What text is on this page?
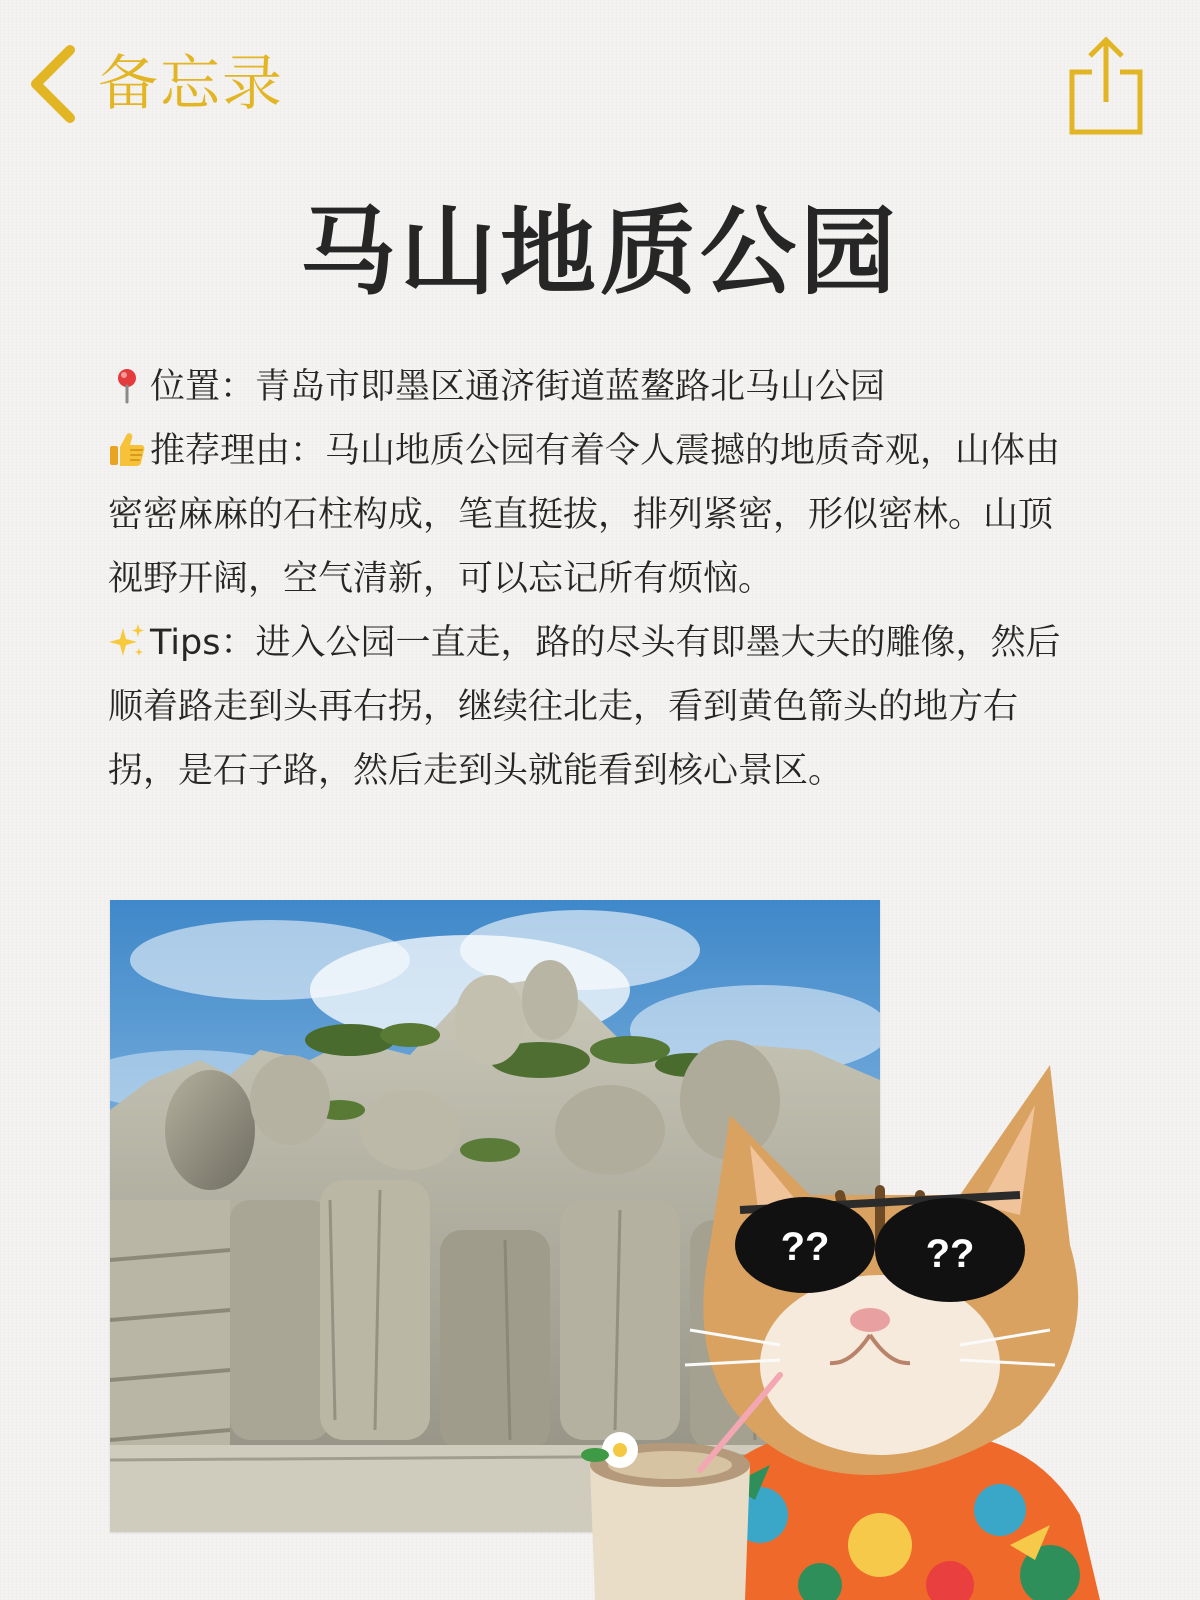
备忘录
马山地质公园

位置：青岛市即墨区通济街道蓝鳌路北马山公园

推荐理由：马山地质公园有着令人震撼的地质奇观，山体由密密麻麻的石柱构成，笔直挺拔，排列紧密，形似密林。山顶视野开阔，空气清新，可以忘记所有烦恼。

Tips：进入公园一直走，路的尽头有即墨大夫的雕像，然后顺着路走到头再右拐，继续往北走，看到黄色箭头的地方右拐，是石子路，然后走到头就能看到核心景区。

?? ??
